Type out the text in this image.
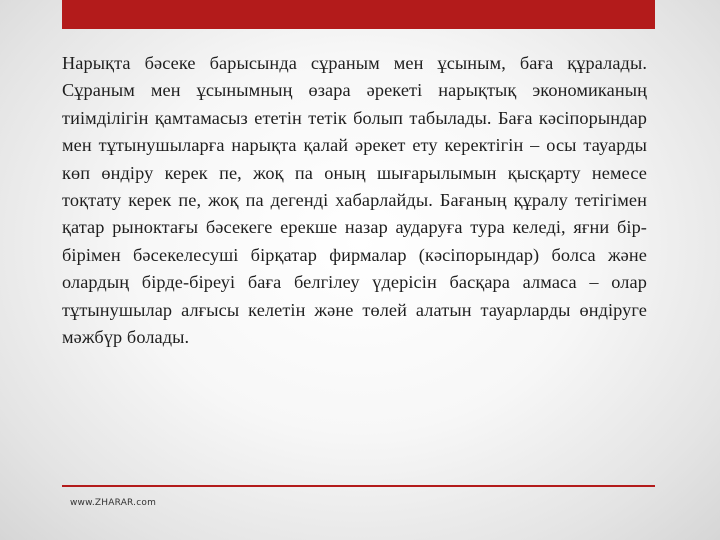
Нарықта бәсеке барысында сұраным мен ұсыным, баға құралады. Сұраным мен ұсынымның өзара әрекеті нарықтық экономиканың тиімділігін қамтамасыз ететін тетік болып табылады. Баға кәсіпорындар мен тұтынушыларға нарықта қалай әрекет ету керектігін – осы тауарды көп өндіру керек пе, жоқ па оның шығарылымын қысқарту немесе тоқтату керек пе, жоқ па дегенді хабарлайды. Бағаның құралу тетігімен қатар рыноктағы бәсекеге ерекше назар аударуға тура келеді, яғни бір-бірімен бәсекелесуші бірқатар фирмалар (кәсіпорындар) болса және олардың бірде-біреуі баға белгілеу үдерісін басқара алмаса – олар тұтынушылар алғысы келетін және төлей алатын тауарларды өндіруге мәжбүр болады.

www.ZHARAR.com
